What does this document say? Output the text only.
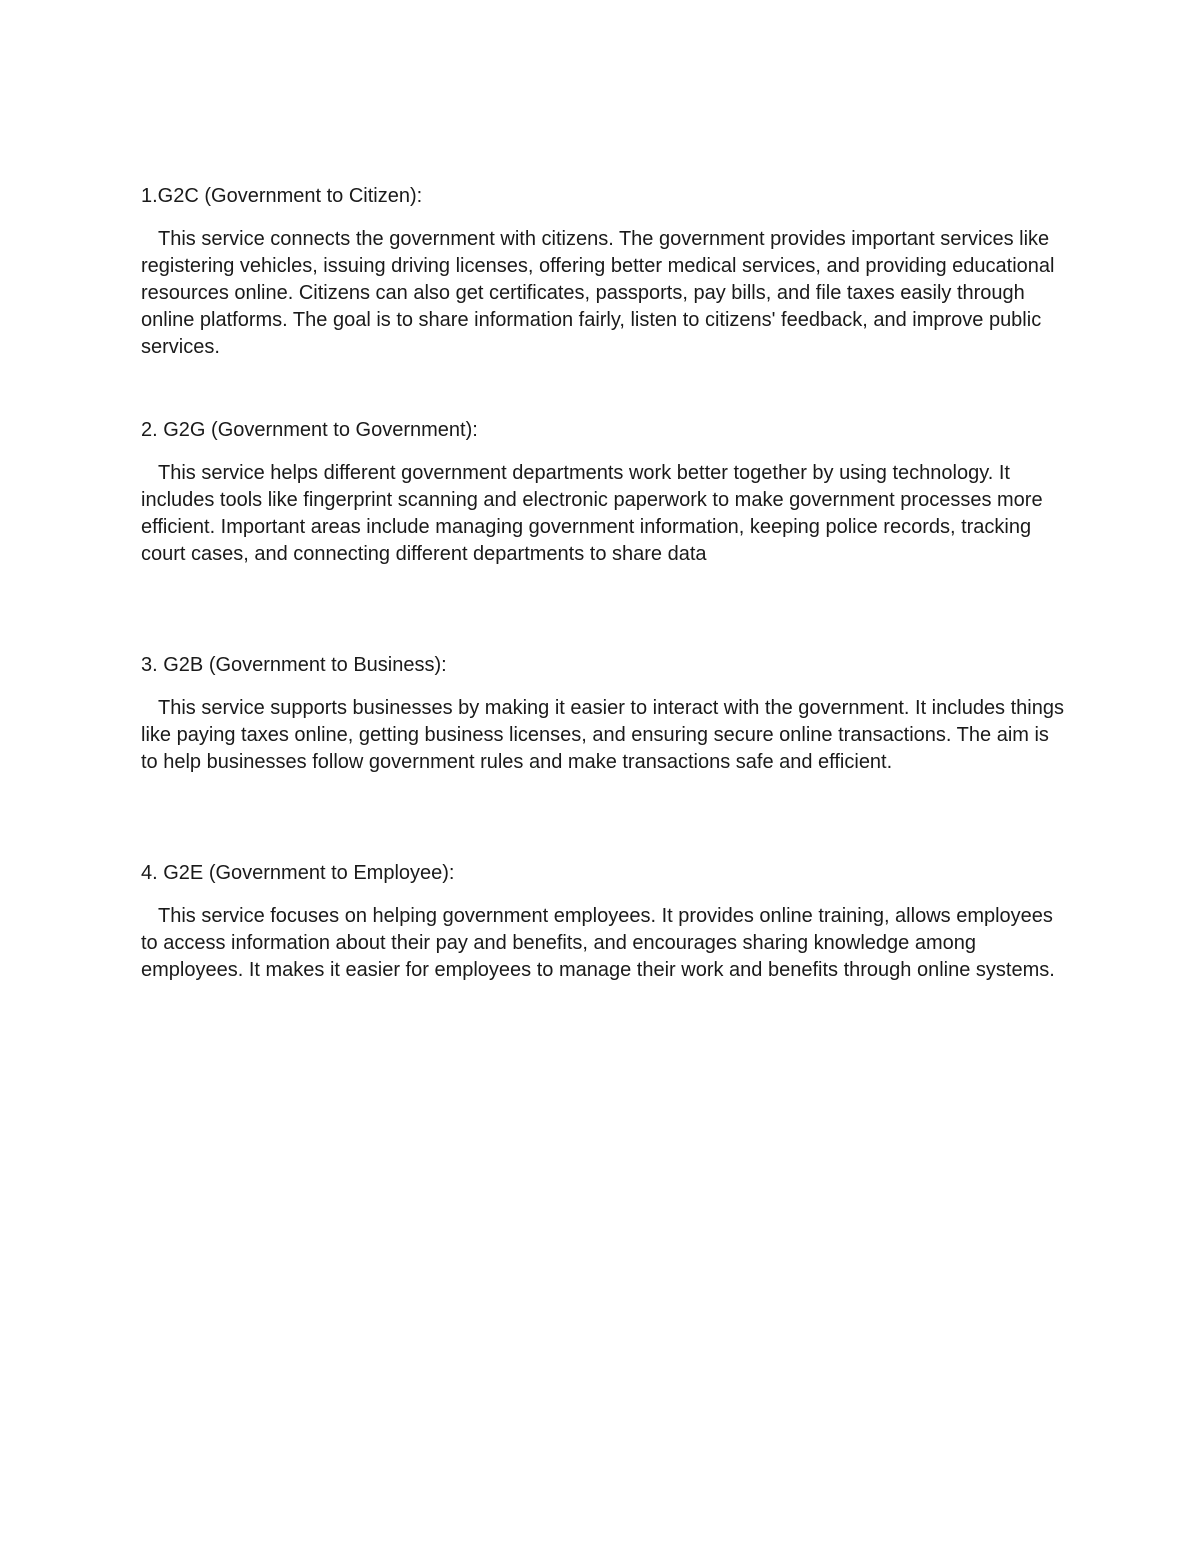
1.G2C (Government to Citizen):

This service connects the government with citizens. The government provides important services like registering vehicles, issuing driving licenses, offering better medical services, and providing educational resources online. Citizens can also get certificates, passports, pay bills, and file taxes easily through online platforms. The goal is to share information fairly, listen to citizens' feedback, and improve public services.

2. G2G (Government to Government):

This service helps different government departments work better together by using technology. It includes tools like fingerprint scanning and electronic paperwork to make government processes more efficient. Important areas include managing government information, keeping police records, tracking court cases, and connecting different departments to share data

3. G2B (Government to Business):

This service supports businesses by making it easier to interact with the government. It includes things like paying taxes online, getting business licenses, and ensuring secure online transactions. The aim is to help businesses follow government rules and make transactions safe and efficient.

4. G2E (Government to Employee):

This service focuses on helping government employees. It provides online training, allows employees to access information about their pay and benefits, and encourages sharing knowledge among employees. It makes it easier for employees to manage their work and benefits through online systems.
